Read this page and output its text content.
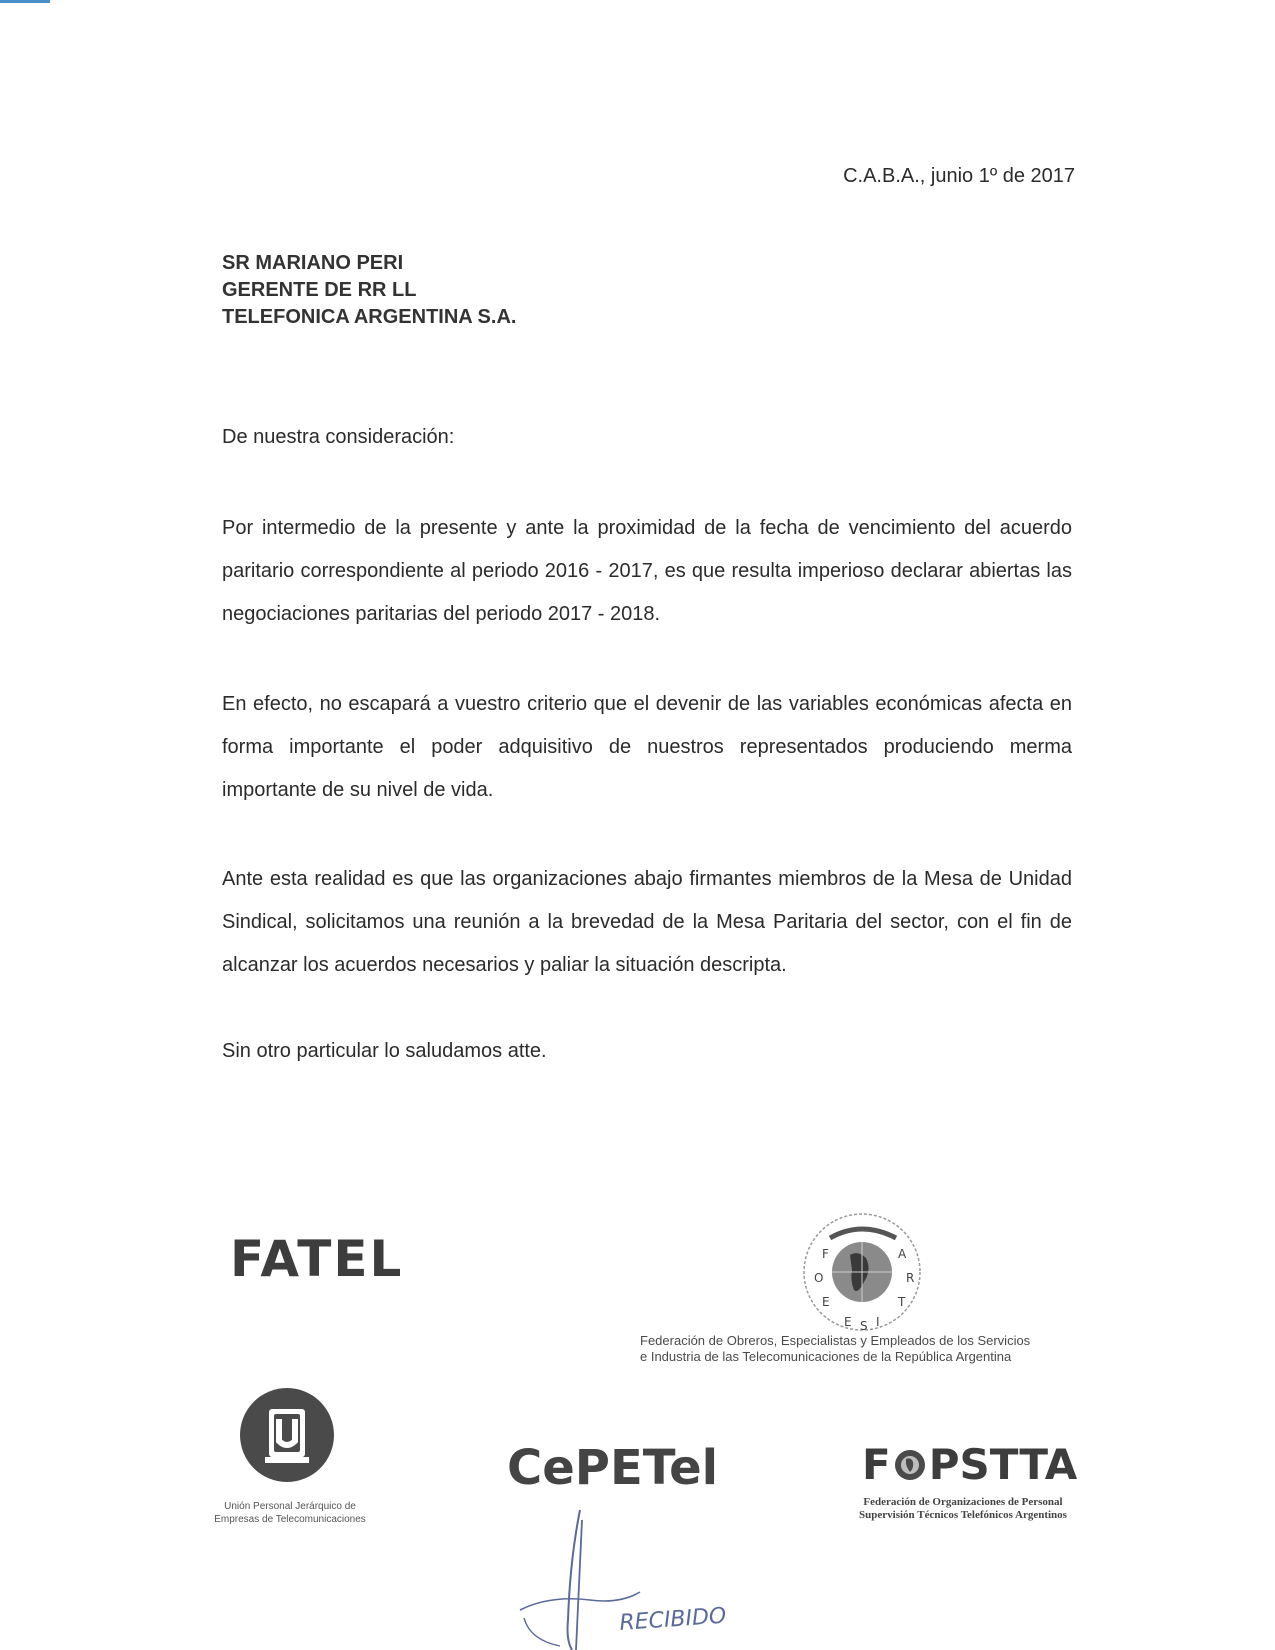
C.A.B.A., junio 1º de 2017
SR MARIANO PERI
GERENTE DE RR LL
TELEFONICA ARGENTINA S.A.
De nuestra consideración:
Por intermedio de la presente y ante la proximidad de la fecha de vencimiento del acuerdo paritario correspondiente al periodo 2016 - 2017, es que resulta imperioso declarar abiertas las negociaciones paritarias del periodo 2017 - 2018.
En efecto, no escapará a vuestro criterio que el devenir de las variables económicas afecta en forma importante el poder adquisitivo de nuestros representados produciendo merma importante de su nivel de vida.
Ante esta realidad es que las organizaciones abajo firmantes miembros de la Mesa de Unidad Sindical, solicitamos una reunión a la brevedad de la Mesa Paritaria del sector, con el fin de alcanzar los acuerdos necesarios y paliar la situación descripta.
Sin otro particular lo saludamos atte.
FATEL	F
O
E
E S I
T
R
A
Federación de Obreros, Especialistas y Empleados de los Servicios
e Industria de las Telecomunicaciones de la República Argentina
Unión Personal Jerárquico de
Empresas de Telecomunicaciones
CePETel	F PSTTA
Federación de Organizaciones de Personal
Supervisión Técnicos Telefónicos Argentinos
RECIBIDO
